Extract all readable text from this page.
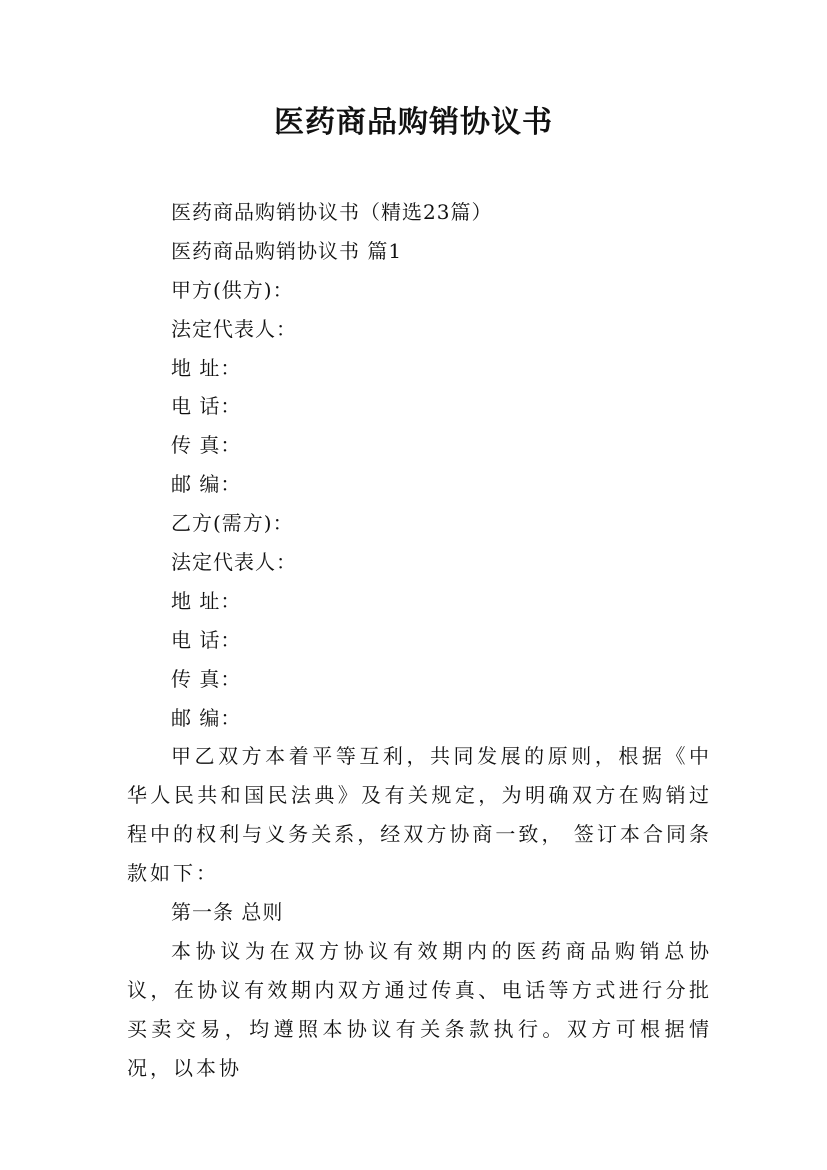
医药商品购销协议书
医药商品购销协议书（精选23篇）
医药商品购销协议书 篇1
甲方(供方)：
法定代表人：
地 址：
电 话：
传 真：
邮 编：
乙方(需方)：
法定代表人：
地 址：
电 话：
传 真：
邮 编：
甲乙双方本着平等互利，共同发展的原则，根据《中华人民共和国民法典》及有关规定，为明确双方在购销过程中的权利与义务关系，经双方协商一致， 签订本合同条款如下：
第一条 总则
本协议为在双方协议有效期内的医药商品购销总协议，在协议有效期内双方通过传真、电话等方式进行分批买卖交易，均遵照本协议有关条款执行。双方可根据情况，以本协
